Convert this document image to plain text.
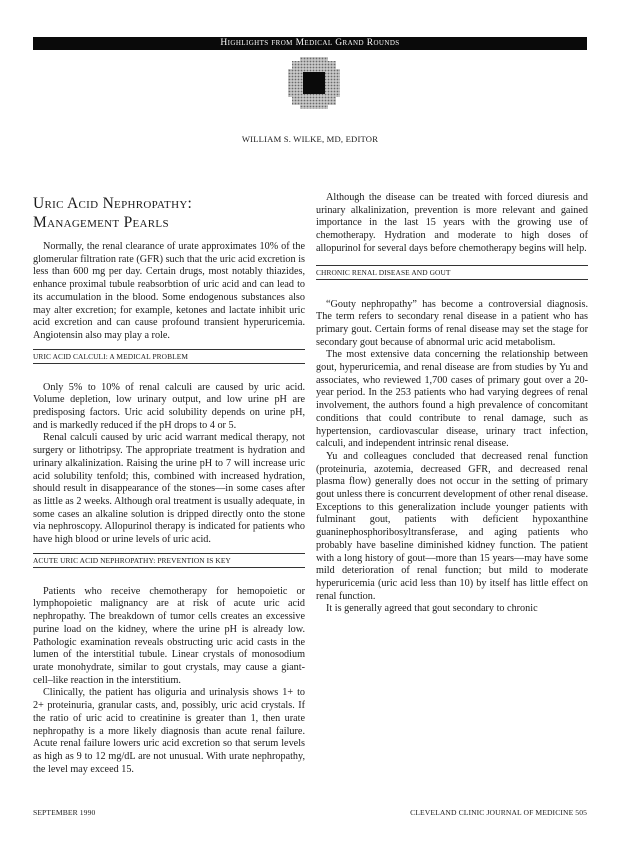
Highlights from Medical Grand Rounds
WILLIAM S. WILKE, MD, EDITOR
Uric Acid Nephropathy:
Management Pearls

Normally, the renal clearance of urate approximates 10% of the glomerular filtration rate (GFR) such that the uric acid excretion is less than 600 mg per day. Certain drugs, most notably thiazides, enhance proximal tubule reabsorbtion of uric acid and can lead to its accumulation in the blood. Some endogenous substances also may alter excretion; for example, ketones and lactate inhibit uric acid excretion and can cause profound transient hyperuricemia. Angiotensin also may play a role.

URIC ACID CALCULI: A MEDICAL PROBLEM

Only 5% to 10% of renal calculi are caused by uric acid. Volume depletion, low urinary output, and low urine pH are predisposing factors. Uric acid solubility depends on urine pH, and is markedly reduced if the pH drops to 4 or 5.

Renal calculi caused by uric acid warrant medical therapy, not surgery or lithotripsy. The appropriate treatment is hydration and urinary alkalinization. Raising the urine pH to 7 will increase uric acid solubility tenfold; this, combined with increased hydration, should result in disappearance of the stones—in some cases after as little as 2 weeks. Although oral treatment is usually adequate, in some cases an alkaline solution is dripped directly onto the stone via nephroscopy. Allopurinol therapy is indicated for patients who have high blood or urine levels of uric acid.

ACUTE URIC ACID NEPHROPATHY: PREVENTION IS KEY

Patients who receive chemotherapy for hemopoietic or lymphopoietic malignancy are at risk of acute uric acid nephropathy. The breakdown of tumor cells creates an excessive purine load on the kidney, where the urine pH is already low. Pathologic examination reveals obstructing uric acid casts in the lumen of the interstitial tubule. Linear crystals of monosodium urate monohydrate, similar to gout crystals, may cause a giant-cell–like reaction in the interstitium.

Clinically, the patient has oliguria and urinalysis shows 1+ to 2+ proteinuria, granular casts, and, possibly, uric acid crystals. If the ratio of uric acid to creatinine is greater than 1, then urate nephropathy is a more likely diagnosis than acute renal failure. Acute renal failure lowers uric acid excretion so that serum levels as high as 9 to 12 mg/dL are not unusual. With urate nephropathy, the level may exceed 15.

Although the disease can be treated with forced diuresis and urinary alkalinization, prevention is more relevant and gained importance in the last 15 years with the growing use of chemotherapy. Hydration and moderate to high doses of allopurinol for several days before chemotherapy begins will help.

CHRONIC RENAL DISEASE AND GOUT

“Gouty nephropathy” has become a controversial diagnosis. The term refers to secondary renal disease in a patient who has primary gout. Certain forms of renal disease may set the stage for secondary gout because of abnormal uric acid metabolism.

The most extensive data concerning the relationship between gout, hyperuricemia, and renal disease are from studies by Yu and associates, who reviewed 1,700 cases of primary gout over a 20-year period. In the 253 patients who had varying degrees of renal involvement, the authors found a high prevalence of concomitant conditions that could contribute to renal damage, such as hypertension, cardiovascular disease, urinary tract infection, calculi, and independent intrinsic renal disease.

Yu and colleagues concluded that decreased renal function (proteinuria, azotemia, decreased GFR, and decreased renal plasma flow) generally does not occur in the setting of primary gout unless there is concurrent development of other renal disease. Exceptions to this generalization include younger patients with fulminant gout, patients with deficient hypoxanthine guaninephosphoribosyltransferase, and aging patients who probably have baseline diminished kidney function. The patient with a long history of gout—more than 15 years—may have some mild deterioration of renal function; but mild to moderate hyperuricemia (uric acid less than 10) by itself has little effect on renal function.

It is generally agreed that gout secondary to chronic

SEPTEMBER 1990	CLEVELAND CLINIC JOURNAL OF MEDICINE 505
